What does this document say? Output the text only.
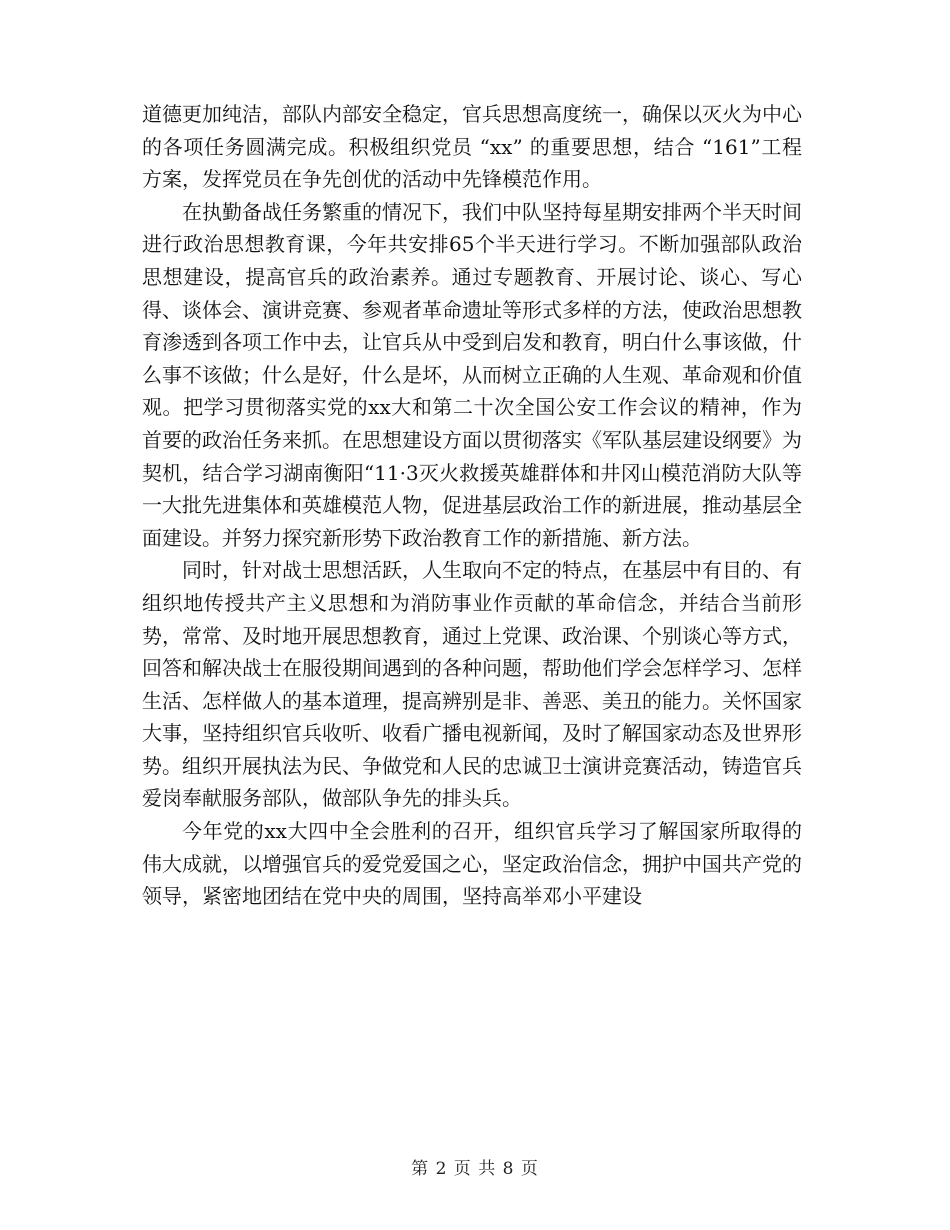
道德更加纯洁，部队内部安全稳定，官兵思想高度统一，确保以灭火为中心的各项任务圆满完成。积极组织党员 “xx” 的重要思想，结合 “161”工程方案，发挥党员在争先创优的活动中先锋模范作用。

在执勤备战任务繁重的情况下，我们中队坚持每星期安排两个半天时间进行政治思想教育课，今年共安排65个半天进行学习。不断加强部队政治思想建设，提高官兵的政治素养。通过专题教育、开展讨论、谈心、写心得、谈体会、演讲竞赛、参观者革命遗址等形式多样的方法，使政治思想教育渗透到各项工作中去，让官兵从中受到启发和教育，明白什么事该做，什么事不该做；什么是好，什么是坏，从而树立正确的人生观、革命观和价值观。把学习贯彻落实党的xx大和第二十次全国公安工作会议的精神，作为首要的政治任务来抓。在思想建设方面以贯彻落实《军队基层建设纲要》为契机，结合学习湖南衡阳“11·3灭火救援英雄群体和井冈山模范消防大队等一大批先进集体和英雄模范人物，促进基层政治工作的新进展，推动基层全面建设。并努力探究新形势下政治教育工作的新措施、新方法。

同时，针对战士思想活跃，人生取向不定的特点，在基层中有目的、有组织地传授共产主义思想和为消防事业作贡献的革命信念，并结合当前形势，常常、及时地开展思想教育，通过上党课、政治课、个别谈心等方式，回答和解决战士在服役期间遇到的各种问题，帮助他们学会怎样学习、怎样生活、怎样做人的基本道理，提高辨别是非、善恶、美丑的能力。关怀国家大事，坚持组织官兵收听、收看广播电视新闻，及时了解国家动态及世界形势。组织开展执法为民、争做党和人民的忠诚卫士演讲竞赛活动，铸造官兵爱岗奉献服务部队，做部队争先的排头兵。

今年党的xx大四中全会胜利的召开，组织官兵学习了解国家所取得的伟大成就，以增强官兵的爱党爱国之心，坚定政治信念，拥护中国共产党的领导，紧密地团结在党中央的周围，坚持高举邓小平建设

第 2 页 共 8 页
